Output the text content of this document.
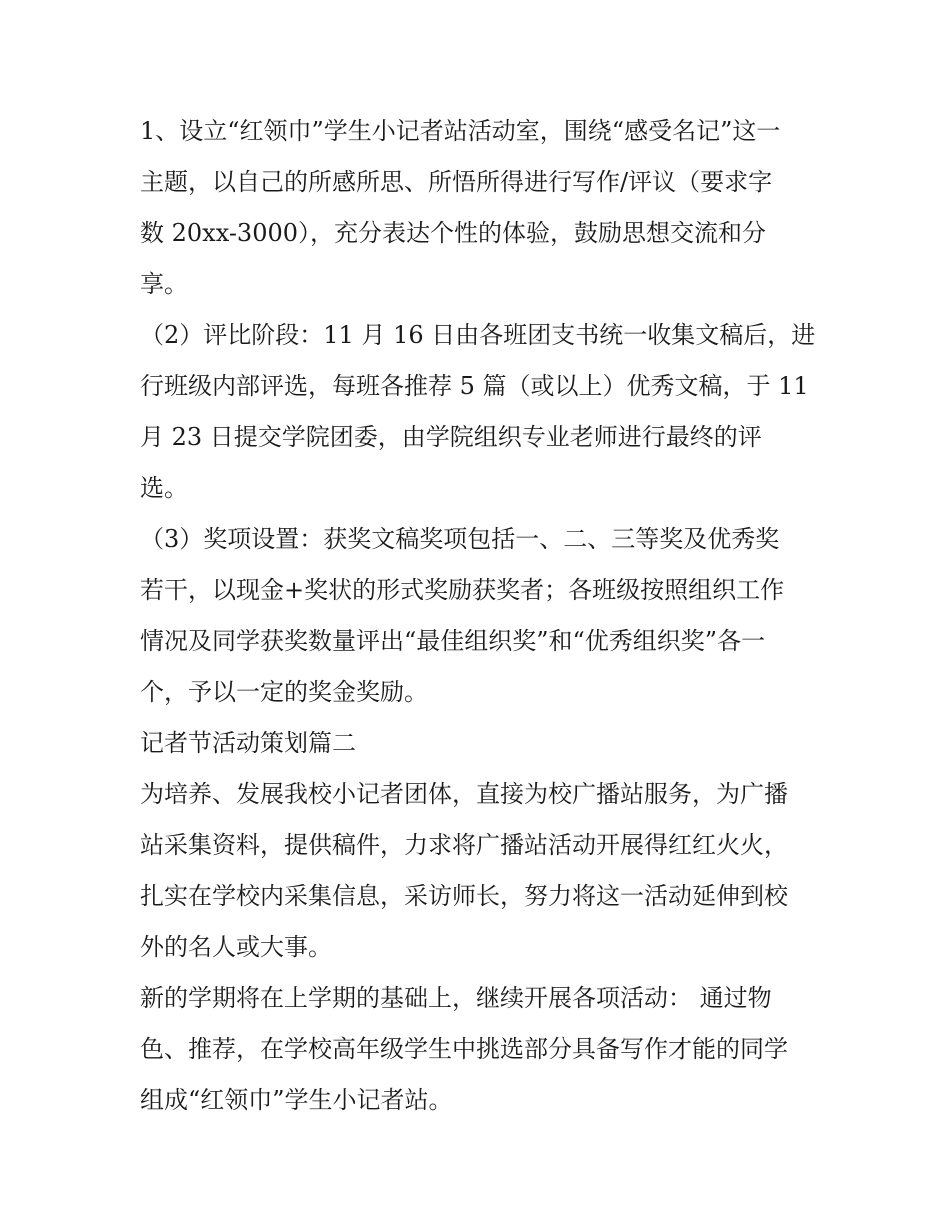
1、设立“红领巾”学生小记者站活动室，围绕“感受名记”这一
主题，以自己的所感所思、所悟所得进行写作/评议（要求字
数 20xx-3000），充分表达个性的体验，鼓励思想交流和分
享。

（2）评比阶段：11 月 16 日由各班团支书统一收集文稿后，进
行班级内部评选，每班各推荐 5 篇（或以上）优秀文稿，于 11
月 23 日提交学院团委，由学院组织专业老师进行最终的评
选。

（3）奖项设置：获奖文稿奖项包括一、二、三等奖及优秀奖
若干，以现金+奖状的形式奖励获奖者；各班级按照组织工作
情况及同学获奖数量评出“最佳组织奖”和“优秀组织奖”各一
个，予以一定的奖金奖励。

记者节活动策划篇二

为培养、发展我校小记者团体，直接为校广播站服务，为广播
站采集资料，提供稿件，力求将广播站活动开展得红红火火，
扎实在学校内采集信息，采访师长，努力将这一活动延伸到校
外的名人或大事。

新的学期将在上学期的基础上，继续开展各项活动： 通过物
色、推荐，在学校高年级学生中挑选部分具备写作才能的同学
组成“红领巾”学生小记者站。
